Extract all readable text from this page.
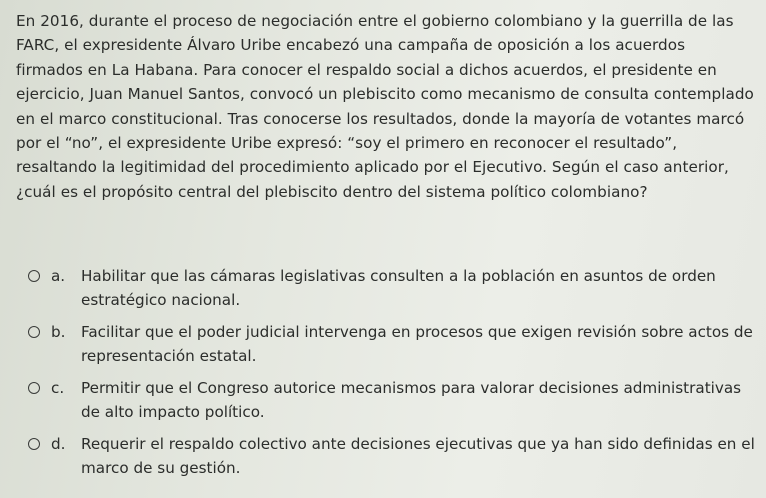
En 2016, durante el proceso de negociación entre el gobierno colombiano y la guerrilla de las FARC, el expresidente Álvaro Uribe encabezó una campaña de oposición a los acuerdos firmados en La Habana. Para conocer el respaldo social a dichos acuerdos, el presidente en ejercicio, Juan Manuel Santos, convocó un plebiscito como mecanismo de consulta contemplado en el marco constitucional. Tras conocerse los resultados, donde la mayoría de votantes marcó por el “no”, el expresidente Uribe expresó: “soy el primero en reconocer el resultado”, resaltando la legitimidad del procedimiento aplicado por el Ejecutivo. Según el caso anterior, ¿cuál es el propósito central del plebiscito dentro del sistema político colombiano?

a.	Habilitar que las cámaras legislativas consulten a la población en asuntos de orden estratégico nacional.
b.	Facilitar que el poder judicial intervenga en procesos que exigen revisión sobre actos de representación estatal.
c.	Permitir que el Congreso autorice mecanismos para valorar decisiones administrativas de alto impacto político.
d.	Requerir el respaldo colectivo ante decisiones ejecutivas que ya han sido definidas en el marco de su gestión.
